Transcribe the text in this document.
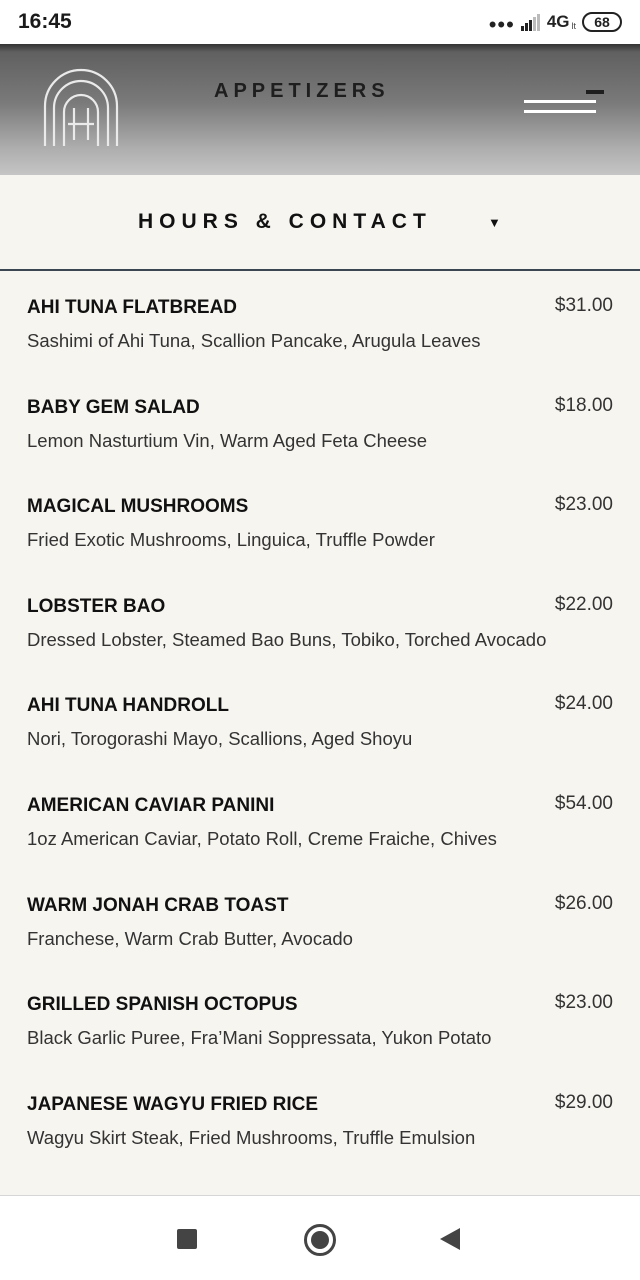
16:45	••• 4G lt	68
APPETIZERS
HOURS & CONTACT	▼
AHI TUNA FLATBREAD	$31.00
Sashimi of Ahi Tuna, Scallion Pancake, Arugula Leaves
BABY GEM SALAD	$18.00
Lemon Nasturtium Vin, Warm Aged Feta Cheese
MAGICAL MUSHROOMS	$23.00
Fried Exotic Mushrooms, Linguica, Truffle Powder
LOBSTER BAO	$22.00
Dressed Lobster, Steamed Bao Buns, Tobiko, Torched Avocado
AHI TUNA HANDROLL	$24.00
Nori, Torogorashi Mayo, Scallions, Aged Shoyu
AMERICAN CAVIAR PANINI	$54.00
1oz American Caviar, Potato Roll, Creme Fraiche, Chives
WARM JONAH CRAB TOAST	$26.00
Franchese, Warm Crab Butter, Avocado
GRILLED SPANISH OCTOPUS	$23.00
Black Garlic Puree, Fra’Mani Soppressata, Yukon Potato
JAPANESE WAGYU FRIED RICE	$29.00
Wagyu Skirt Steak, Fried Mushrooms, Truffle Emulsion
